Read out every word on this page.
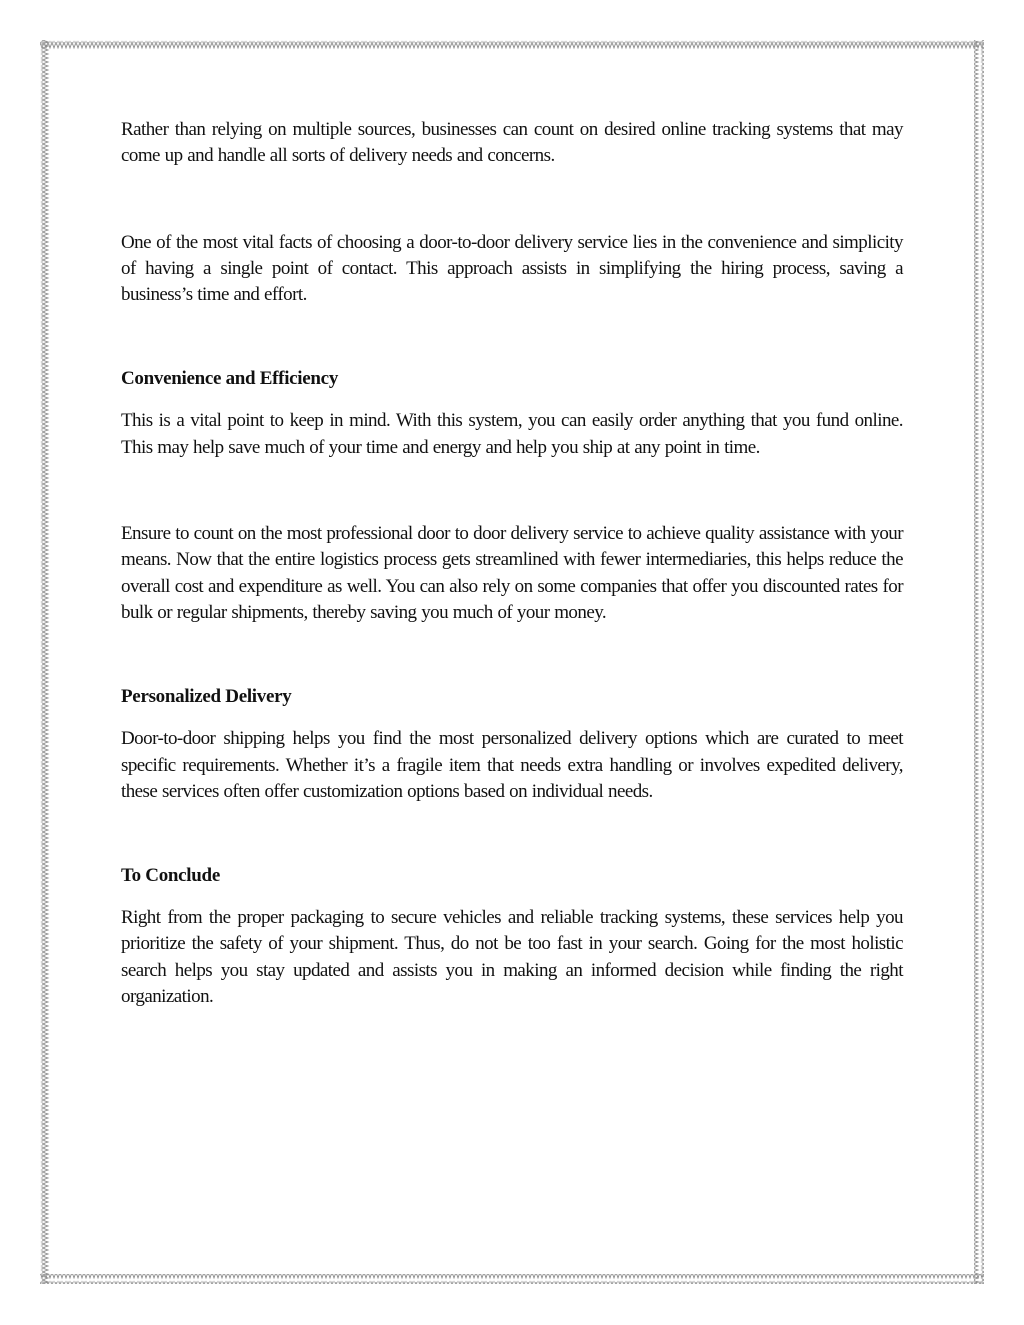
Rather than relying on multiple sources, businesses can count on desired online tracking systems that may come up and handle all sorts of delivery needs and concerns.

One of the most vital facts of choosing a door-to-door delivery service lies in the convenience and simplicity of having a single point of contact. This approach assists in simplifying the hiring process, saving a business’s time and effort.

Convenience and Efficiency

This is a vital point to keep in mind. With this system, you can easily order anything that you fund online. This may help save much of your time and energy and help you ship at any point in time.

Ensure to count on the most professional door to door delivery service to achieve quality assistance with your means. Now that the entire logistics process gets streamlined with fewer intermediaries, this helps reduce the overall cost and expenditure as well. You can also rely on some companies that offer you discounted rates for bulk or regular shipments, thereby saving you much of your money.

Personalized Delivery

Door-to-door shipping helps you find the most personalized delivery options which are curated to meet specific requirements. Whether it’s a fragile item that needs extra handling or involves expedited delivery, these services often offer customization options based on individual needs.

To Conclude

Right from the proper packaging to secure vehicles and reliable tracking systems, these services help you prioritize the safety of your shipment. Thus, do not be too fast in your search. Going for the most holistic search helps you stay updated and assists you in making an informed decision while finding the right organization.
